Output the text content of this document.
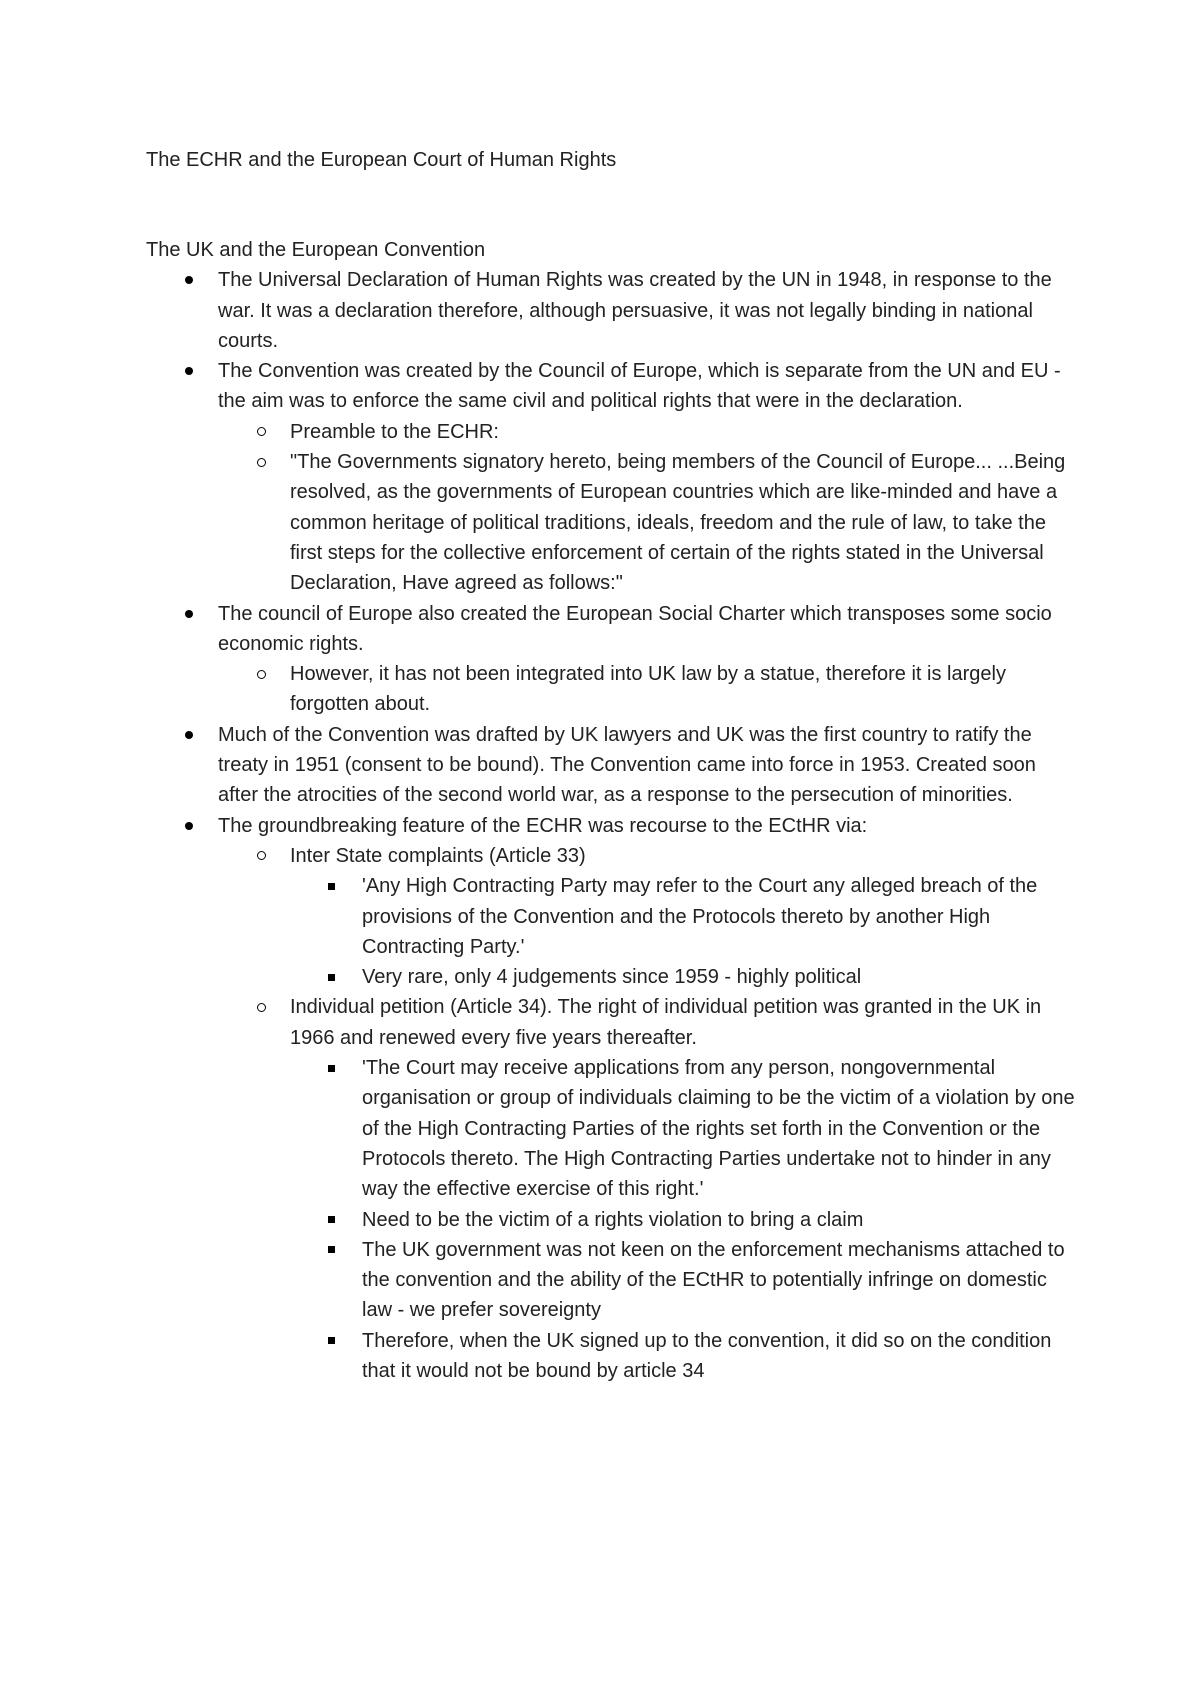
The ECHR and the European Court of Human Rights

The UK and the European Convention

The Universal Declaration of Human Rights was created by the UN in 1948, in response to the war. It was a declaration therefore, although persuasive, it was not legally binding in national courts.
The Convention was created by the Council of Europe, which is separate from the UN and EU - the aim was to enforce the same civil and political rights that were in the declaration.
Preamble to the ECHR:
"The Governments signatory hereto, being members of the Council of Europe... ...Being resolved, as the governments of European countries which are like-minded and have a common heritage of political traditions, ideals, freedom and the rule of law, to take the first steps for the collective enforcement of certain of the rights stated in the Universal Declaration, Have agreed as follows:"
The council of Europe also created the European Social Charter which transposes some socio economic rights.
However, it has not been integrated into UK law by a statue, therefore it is largely forgotten about.
Much of the Convention was drafted by UK lawyers and UK was the first country to ratify the treaty in 1951 (consent to be bound). The Convention came into force in 1953. Created soon after the atrocities of the second world war, as a response to the persecution of minorities.
The groundbreaking feature of the ECHR was recourse to the ECtHR via:
Inter State complaints (Article 33)
'Any High Contracting Party may refer to the Court any alleged breach of the provisions of the Convention and the Protocols thereto by another High Contracting Party.'
Very rare, only 4 judgements since 1959 - highly political
Individual petition (Article 34). The right of individual petition was granted in the UK in 1966 and renewed every five years thereafter.
'The Court may receive applications from any person, nongovernmental organisation or group of individuals claiming to be the victim of a violation by one of the High Contracting Parties of the rights set forth in the Convention or the Protocols thereto. The High Contracting Parties undertake not to hinder in any way the effective exercise of this right.'
Need to be the victim of a rights violation to bring a claim
The UK government was not keen on the enforcement mechanisms attached to the convention and the ability of the ECtHR to potentially infringe on domestic law - we prefer sovereignty
Therefore, when the UK signed up to the convention, it did so on the condition that it would not be bound by article 34
